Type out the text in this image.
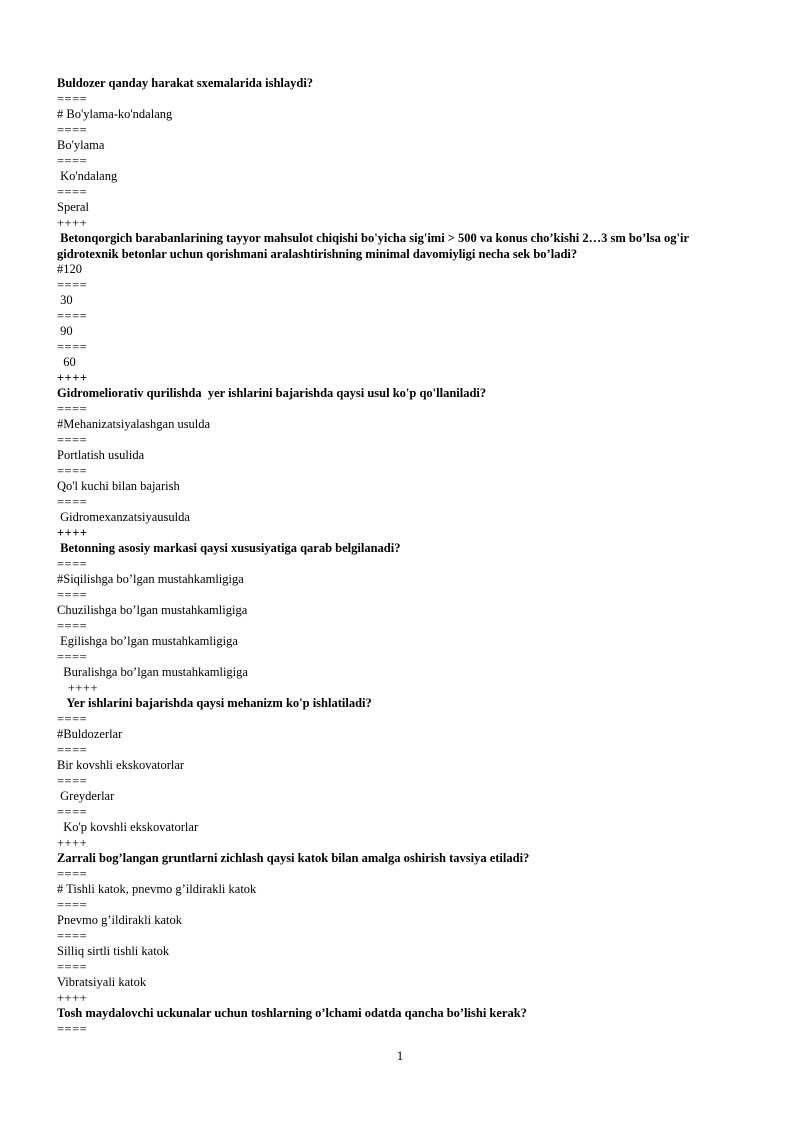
Buldozer qanday harakat sxemalarida ishlaydi?
====
# Bo'ylama-ko'ndalang
====
Bo'ylama
====
Ko'ndalang
====
Speral
++++
Betonqorgich barabanlarining tayyor mahsulot chiqishi bo'yicha sig'imi > 500 va konus cho’kishi 2…3 sm bo’lsa og'ir gidrotexnik betonlar uchun qorishmani aralashtirishning minimal davomiyligi necha sek bo’ladi?
#120
====
30
====
90
====
60
++++
Gidromeliorativ qurilishda  yer ishlarini bajarishda qaysi usul ko'p qo'llaniladi?
====
#Mehanizatsiyalashgan usulda
====
Portlatish usulida
====
Qo'l kuchi bilan bajarish
====
Gidromexanzatsiyausulda
++++
Betonning asosiy markasi qaysi xususiyatiga qarab belgilanadi?
====
#Siqilishga bo’lgan mustahkamligiga
====
Chuzilishga bo’lgan mustahkamligiga
====
Egilishga bo’lgan mustahkamligiga
====
Buralishga bo’lgan mustahkamligiga
++++
Yer ishlarini bajarishda qaysi mehanizm ko'p ishlatiladi?
====
#Buldozerlar
====
Bir kovshli ekskovatorlar
====
Greyderlar
====
Ko'p kovshli ekskovatorlar
++++
Zarrali bog’langan gruntlarni zichlash qaysi katok bilan amalga oshirish tavsiya etiladi?
====
# Tishli katok, pnevmo g’ildirakli katok
====
Pnevmo g’ildirakli katok
====
Silliq sirtli tishli katok
====
Vibratsiyali katok
++++
Tosh maydalovchi uckunalar uchun toshlarning o’lchami odatda qancha bo’lishi kerak?
====
1
